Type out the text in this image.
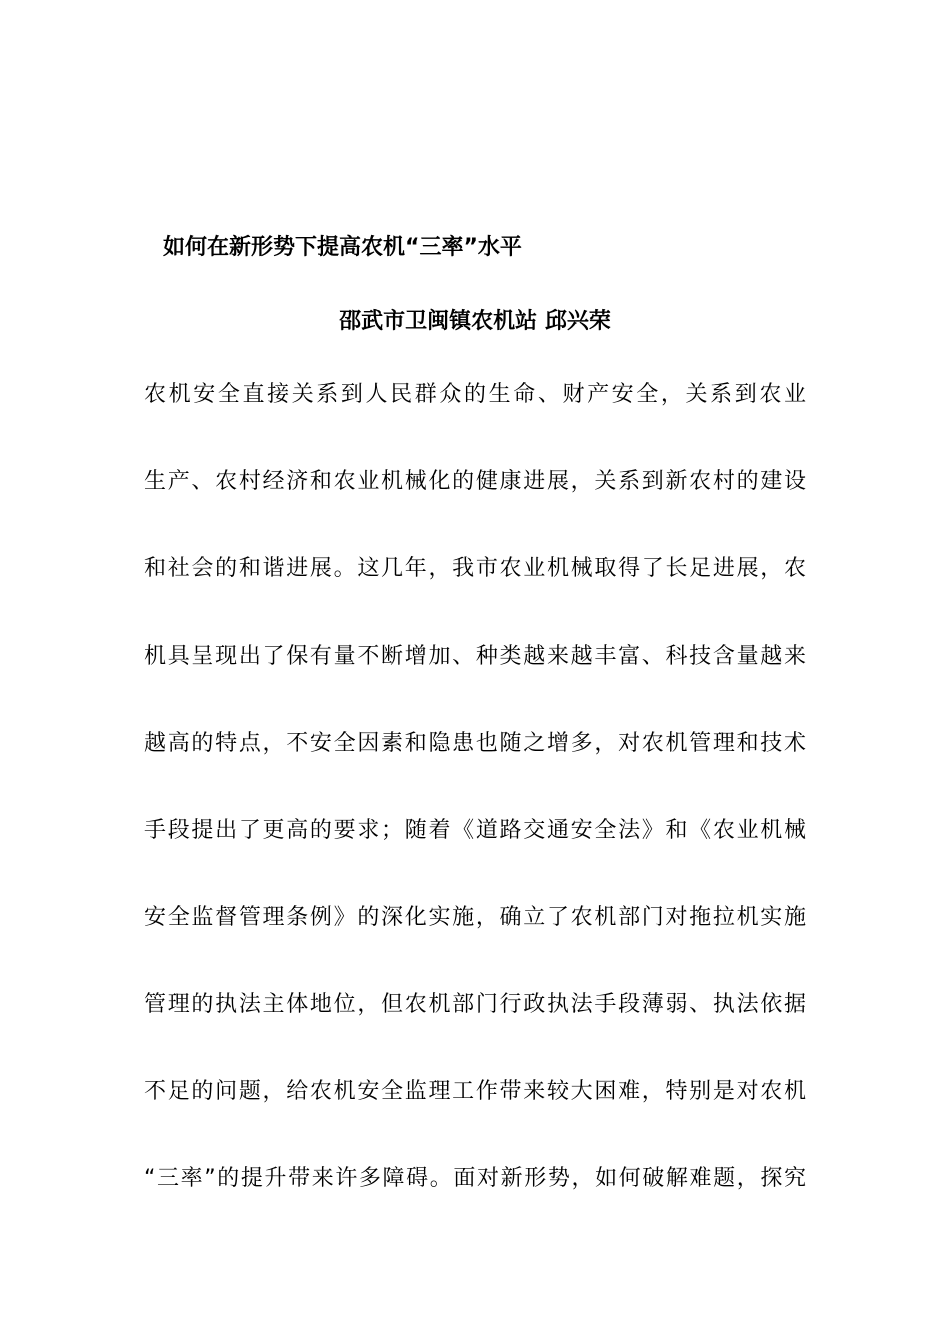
如何在新形势下提高农机“三率”水平
邵武市卫闽镇农机站 邱兴荣
农机安全直接关系到人民群众的生命、财产安全，关系到农业
生产、农村经济和农业机械化的健康进展，关系到新农村的建设
和社会的和谐进展。这几年，我市农业机械取得了长足进展，农
机具呈现出了保有量不断增加、种类越来越丰富、科技含量越来
越高的特点，不安全因素和隐患也随之增多，对农机管理和技术
手段提出了更高的要求；随着《道路交通安全法》和《农业机械
安全监督管理条例》的深化实施，确立了农机部门对拖拉机实施
管理的执法主体地位，但农机部门行政执法手段薄弱、执法依据
不足的问题，给农机安全监理工作带来较大困难，特别是对农机
“三率”的提升带来许多障碍。面对新形势，如何破解难题，探究
